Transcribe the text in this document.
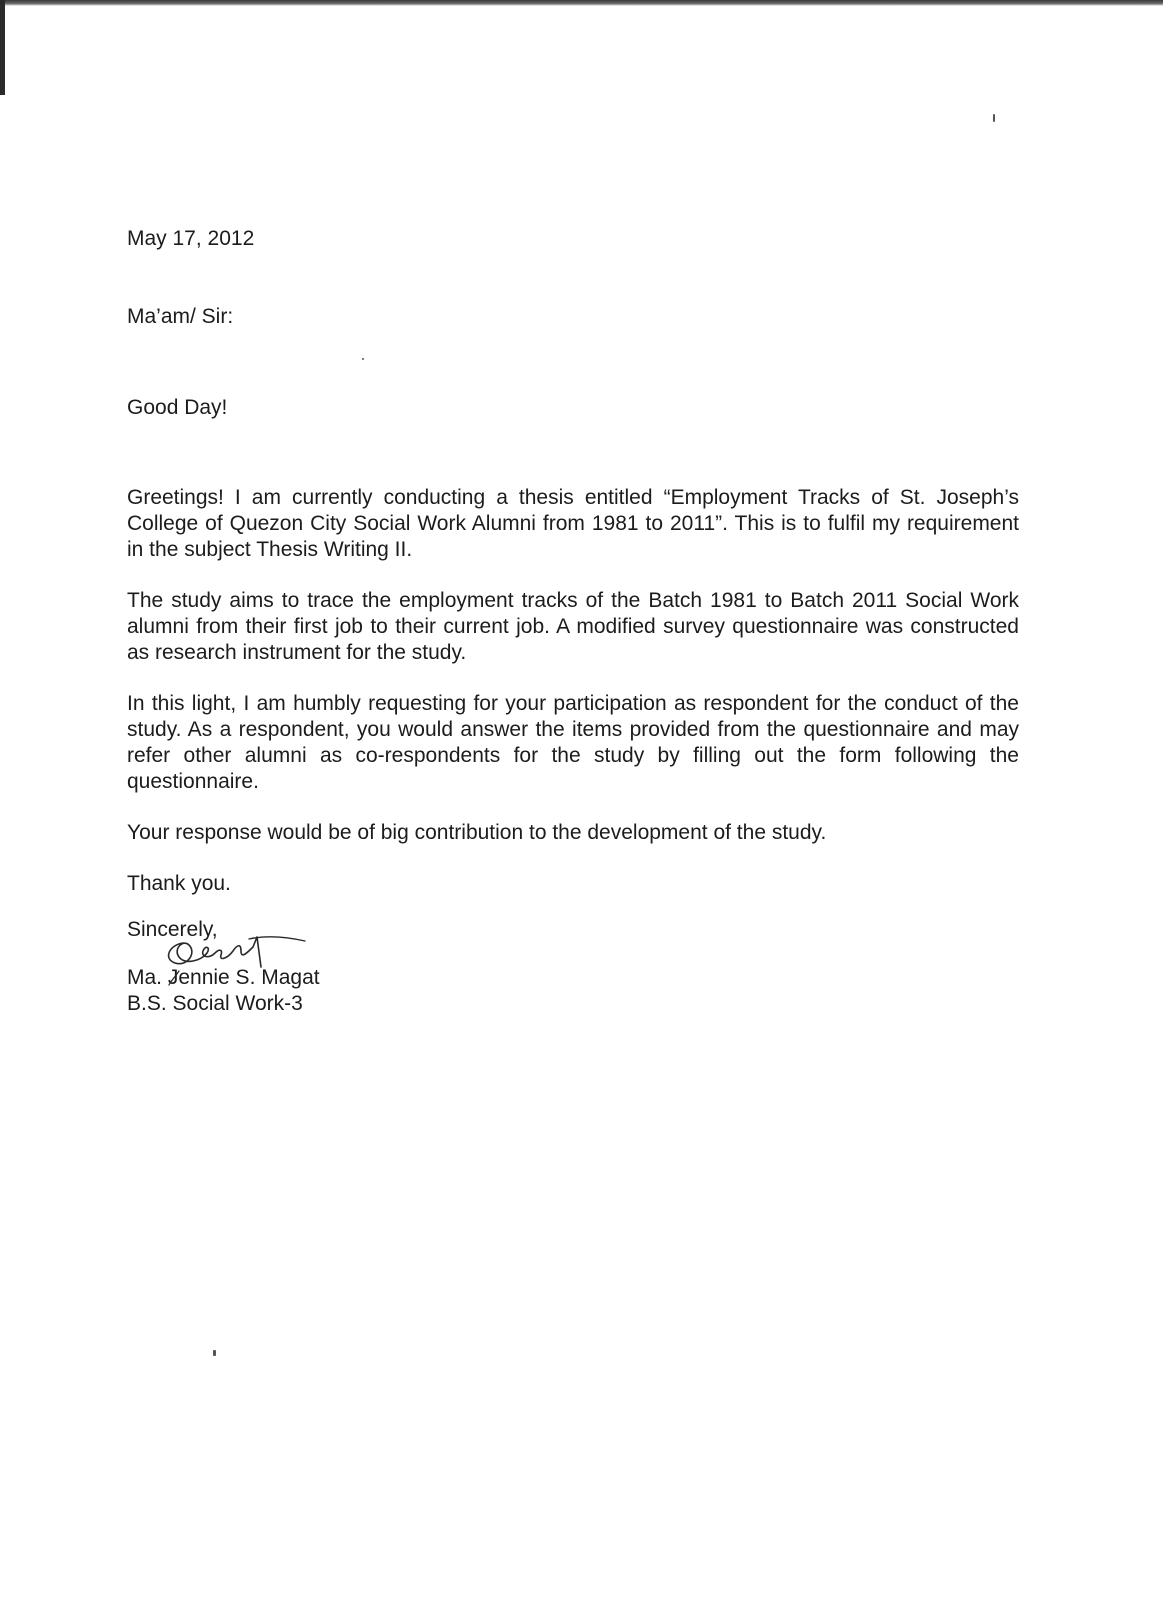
May 17, 2012

Ma’am/ Sir:

Good Day!

Greetings! I am currently conducting a thesis entitled “Employment Tracks of St. Joseph’s College of Quezon City Social Work Alumni from 1981 to 2011”. This is to fulfil my requirement in the subject Thesis Writing II.

The study aims to trace the employment tracks of the Batch 1981 to Batch 2011 Social Work alumni from their first job to their current job. A modified survey questionnaire was constructed as research instrument for the study.

In this light, I am humbly requesting for your participation as respondent for the conduct of the study. As a respondent, you would answer the items provided from the questionnaire and may refer other alumni as co-respondents for the study by filling out the form following the questionnaire.

Your response would be of big contribution to the development of the study.

Thank you.

Sincerely,

Ma. Jennie S. Magat

B.S. Social Work-3
